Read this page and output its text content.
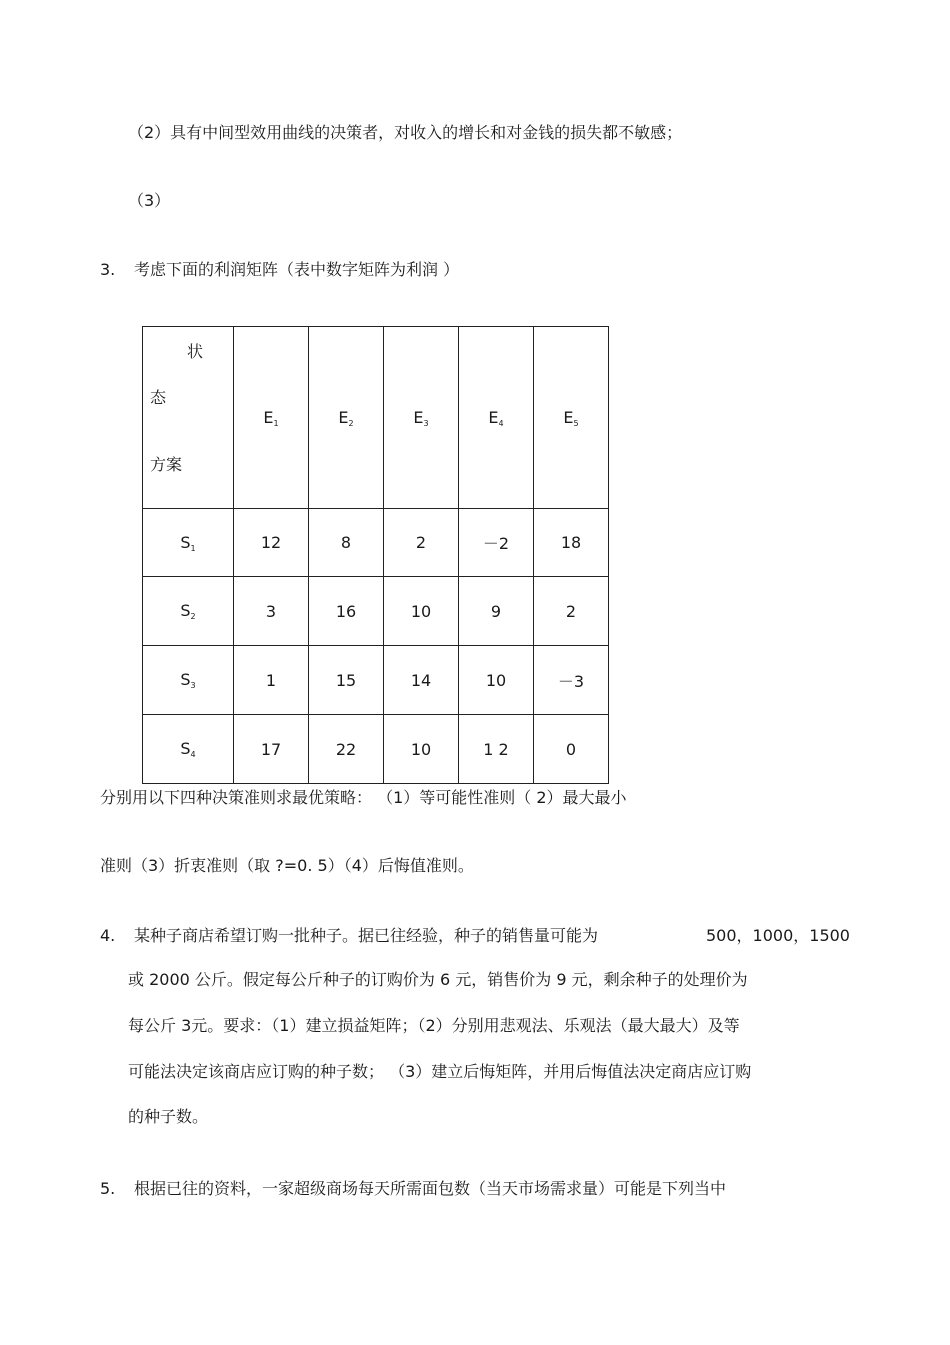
（2）具有中间型效用曲线的决策者，对收入的增长和对金钱的损失都不敏感；
（3）
3. 考虑下面的利润矩阵（表中数字矩阵为利润 ）
状
态
方案	$E_1$	$E_2$	$E_3$	$E_4$	$E_5$
$S_1$	12	8	2	－2	18
$S_2$	3	16	10	9	2
$S_3$	1	15	14	10	－3
$S_4$	17	22	10	1 2	0
分别用以下四种决策准则求最优策略： （1）等可能性准则（ 2）最大最小
准则（3）折衷准则（取 ?=0. 5）（4）后悔值准则。
4. 某种子商店希望订购一批种子。据已往经验，种子的销售量可能为	500，1000，1500
或 2000 公斤。假定每公斤种子的订购价为 6 元，销售价为 9 元，剩余种子的处理价为
每公斤 3元。要求：（1）建立损益矩阵；（2）分别用悲观法、乐观法（最大最大）及等
可能法决定该商店应订购的种子数； （3）建立后悔矩阵，并用后悔值法决定商店应订购
的种子数。
5. 根据已往的资料，一家超级商场每天所需面包数（当天市场需求量）可能是下列当中
